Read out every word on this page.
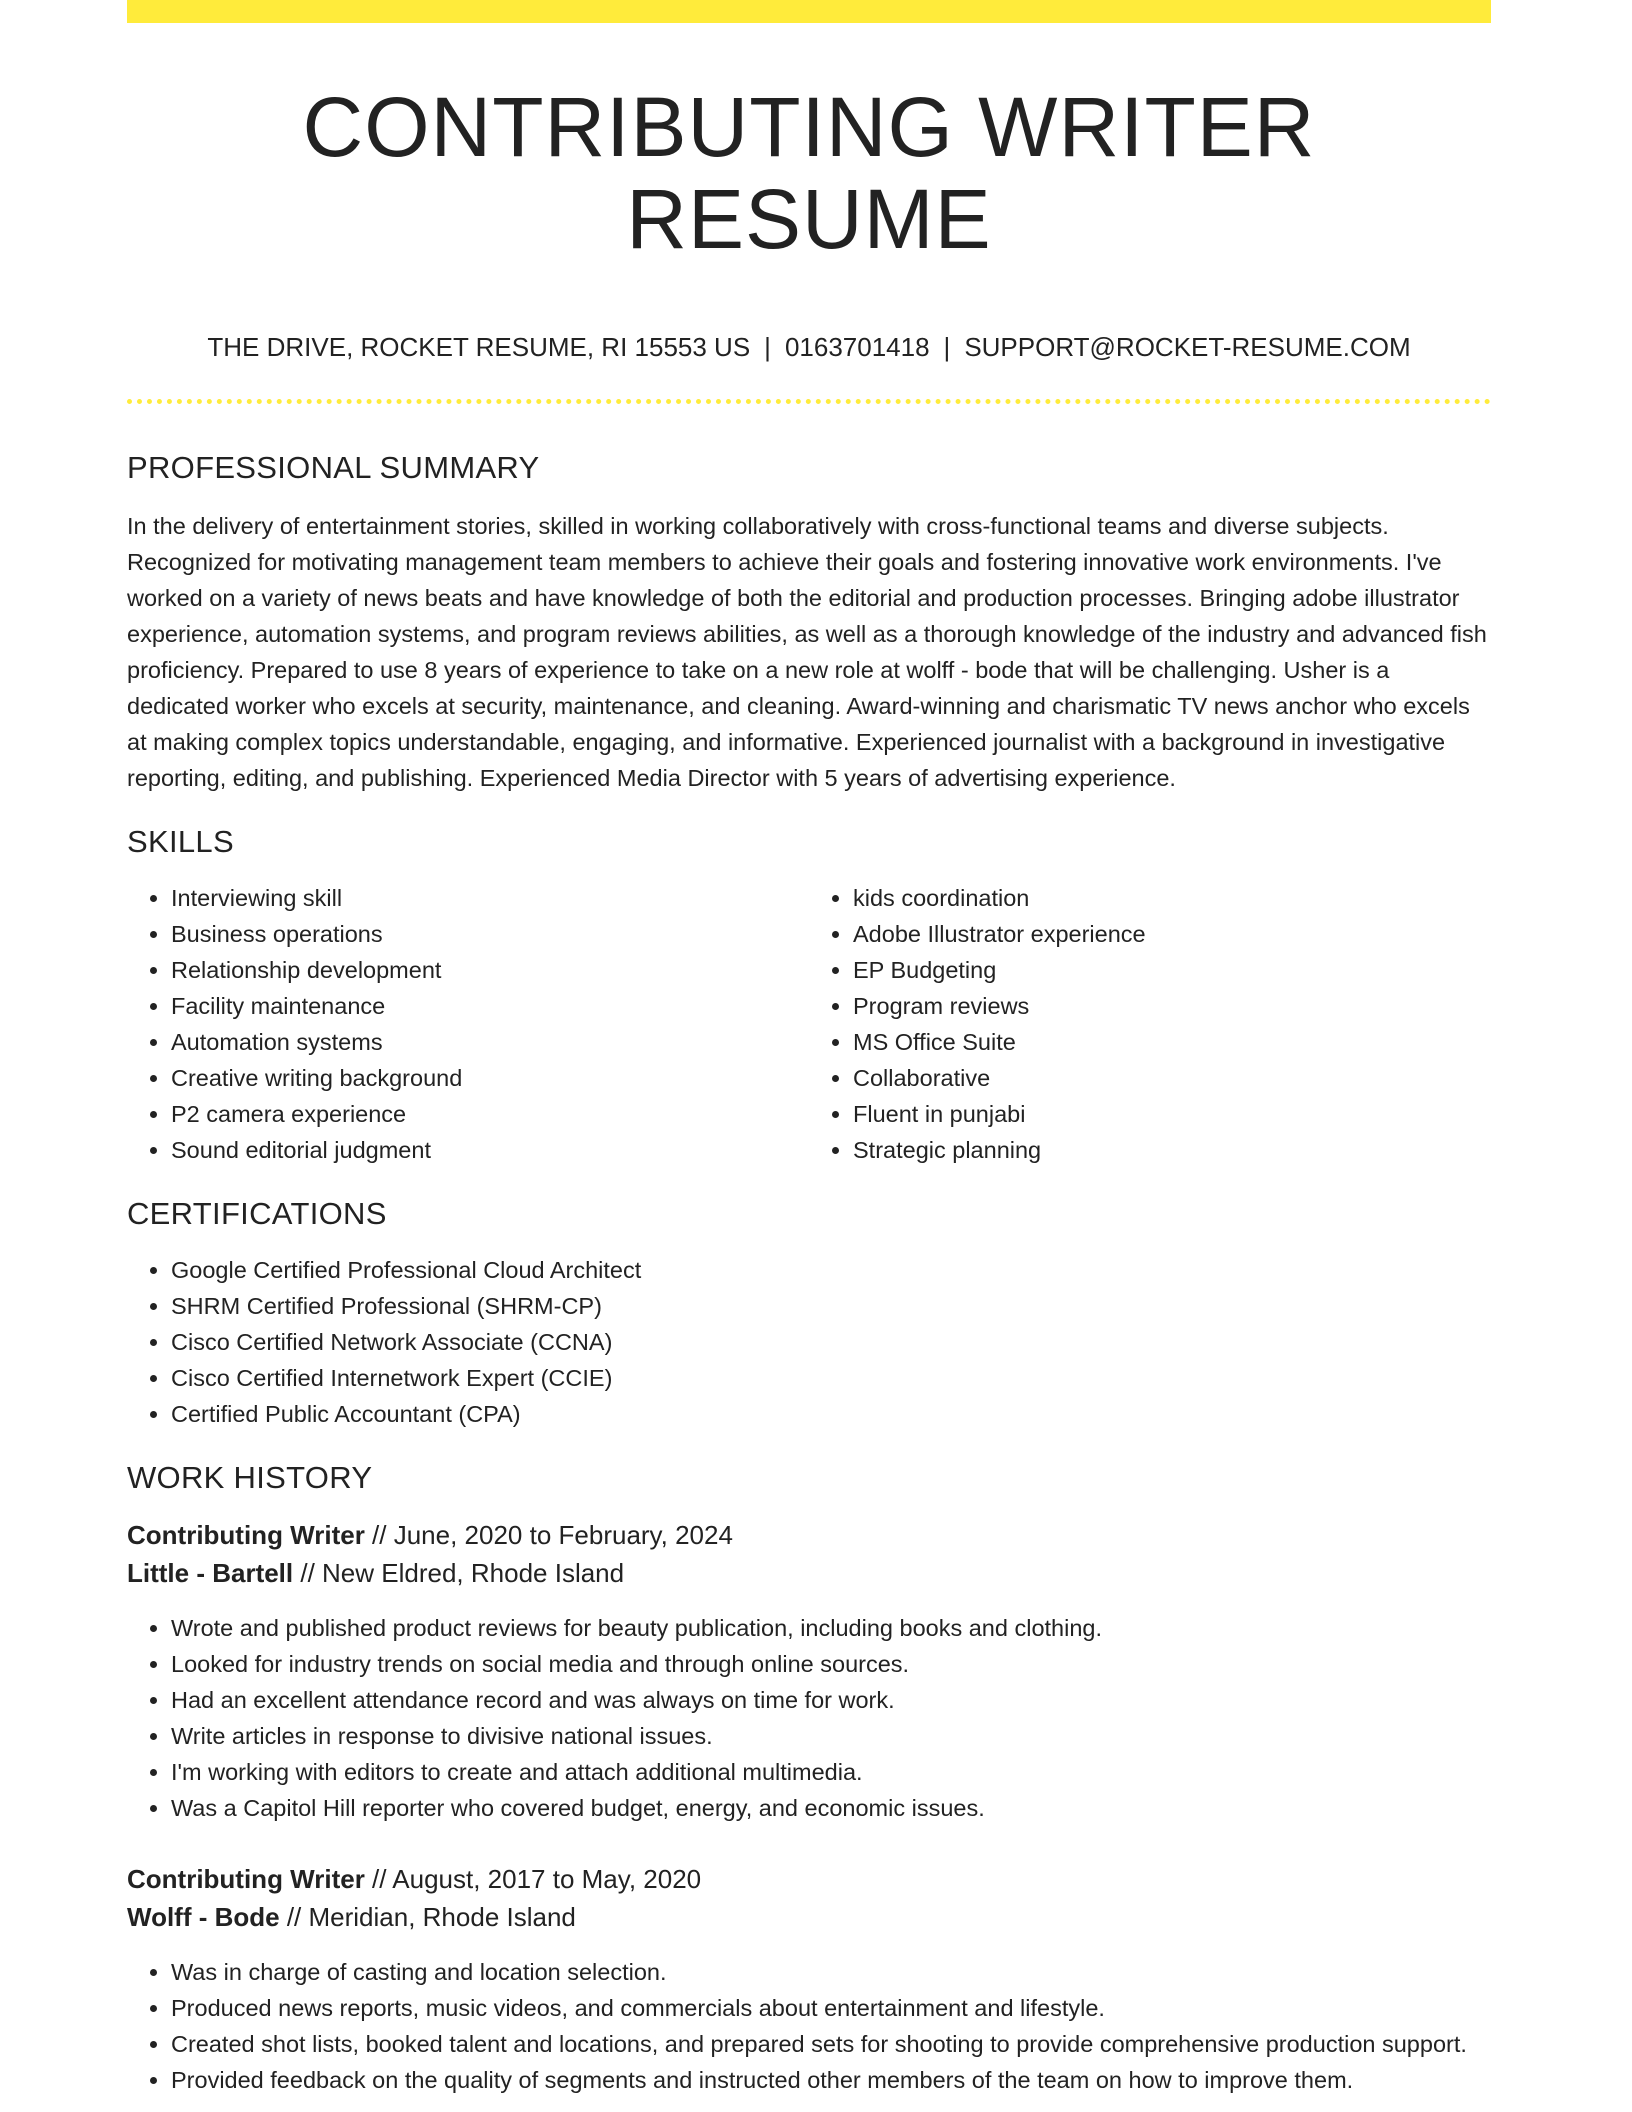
CONTRIBUTING WRITER RESUME
THE DRIVE, ROCKET RESUME, RI 15553 US | 0163701418 | SUPPORT@ROCKET-RESUME.COM
PROFESSIONAL SUMMARY

In the delivery of entertainment stories, skilled in working collaboratively with cross-functional teams and diverse subjects. Recognized for motivating management team members to achieve their goals and fostering innovative work environments. I've worked on a variety of news beats and have knowledge of both the editorial and production processes. Bringing adobe illustrator experience, automation systems, and program reviews abilities, as well as a thorough knowledge of the industry and advanced fish proficiency. Prepared to use 8 years of experience to take on a new role at wolff - bode that will be challenging. Usher is a dedicated worker who excels at security, maintenance, and cleaning. Award-winning and charismatic TV news anchor who excels at making complex topics understandable, engaging, and informative. Experienced journalist with a background in investigative reporting, editing, and publishing. Experienced Media Director with 5 years of advertising experience.

SKILLS
• Interviewing skill
• Business operations
• Relationship development
• Facility maintenance
• Automation systems
• Creative writing background
• P2 camera experience
• Sound editorial judgment
• kids coordination
• Adobe Illustrator experience
• EP Budgeting
• Program reviews
• MS Office Suite
• Collaborative
• Fluent in punjabi
• Strategic planning
CERTIFICATIONS
• Google Certified Professional Cloud Architect
• SHRM Certified Professional (SHRM-CP)
• Cisco Certified Network Associate (CCNA)
• Cisco Certified Internetwork Expert (CCIE)
• Certified Public Accountant (CPA)
WORK HISTORY
Contributing Writer // June, 2020 to February, 2024
Little - Bartell // New Eldred, Rhode Island
• Wrote and published product reviews for beauty publication, including books and clothing.
• Looked for industry trends on social media and through online sources.
• Had an excellent attendance record and was always on time for work.
• Write articles in response to divisive national issues.
• I'm working with editors to create and attach additional multimedia.
• Was a Capitol Hill reporter who covered budget, energy, and economic issues.
Contributing Writer // August, 2017 to May, 2020
Wolff - Bode // Meridian, Rhode Island
• Was in charge of casting and location selection.
• Produced news reports, music videos, and commercials about entertainment and lifestyle.
• Created shot lists, booked talent and locations, and prepared sets for shooting to provide comprehensive production support.
• Provided feedback on the quality of segments and instructed other members of the team on how to improve them.
